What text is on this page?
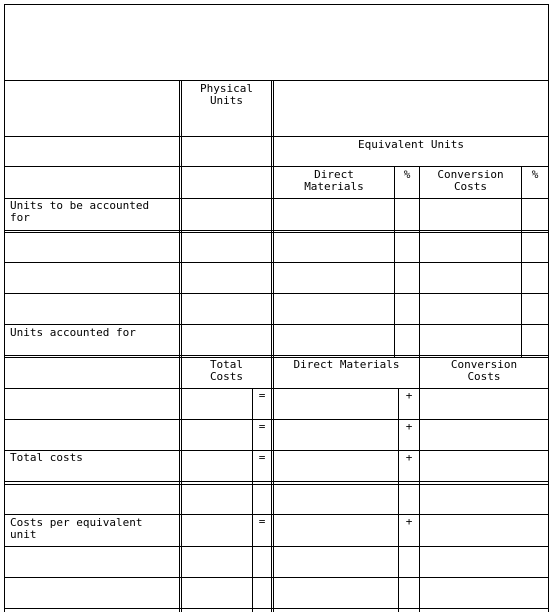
Physical
Units
Equivalent Units
Direct
Materials
%	Conversion
Costs
%
Units to be accounted
for
Units accounted for
Total
Costs
Direct Materials	Conversion
Costs
Total costs
Costs per equivalent
unit
=
=
=
=
+
+
+
+
